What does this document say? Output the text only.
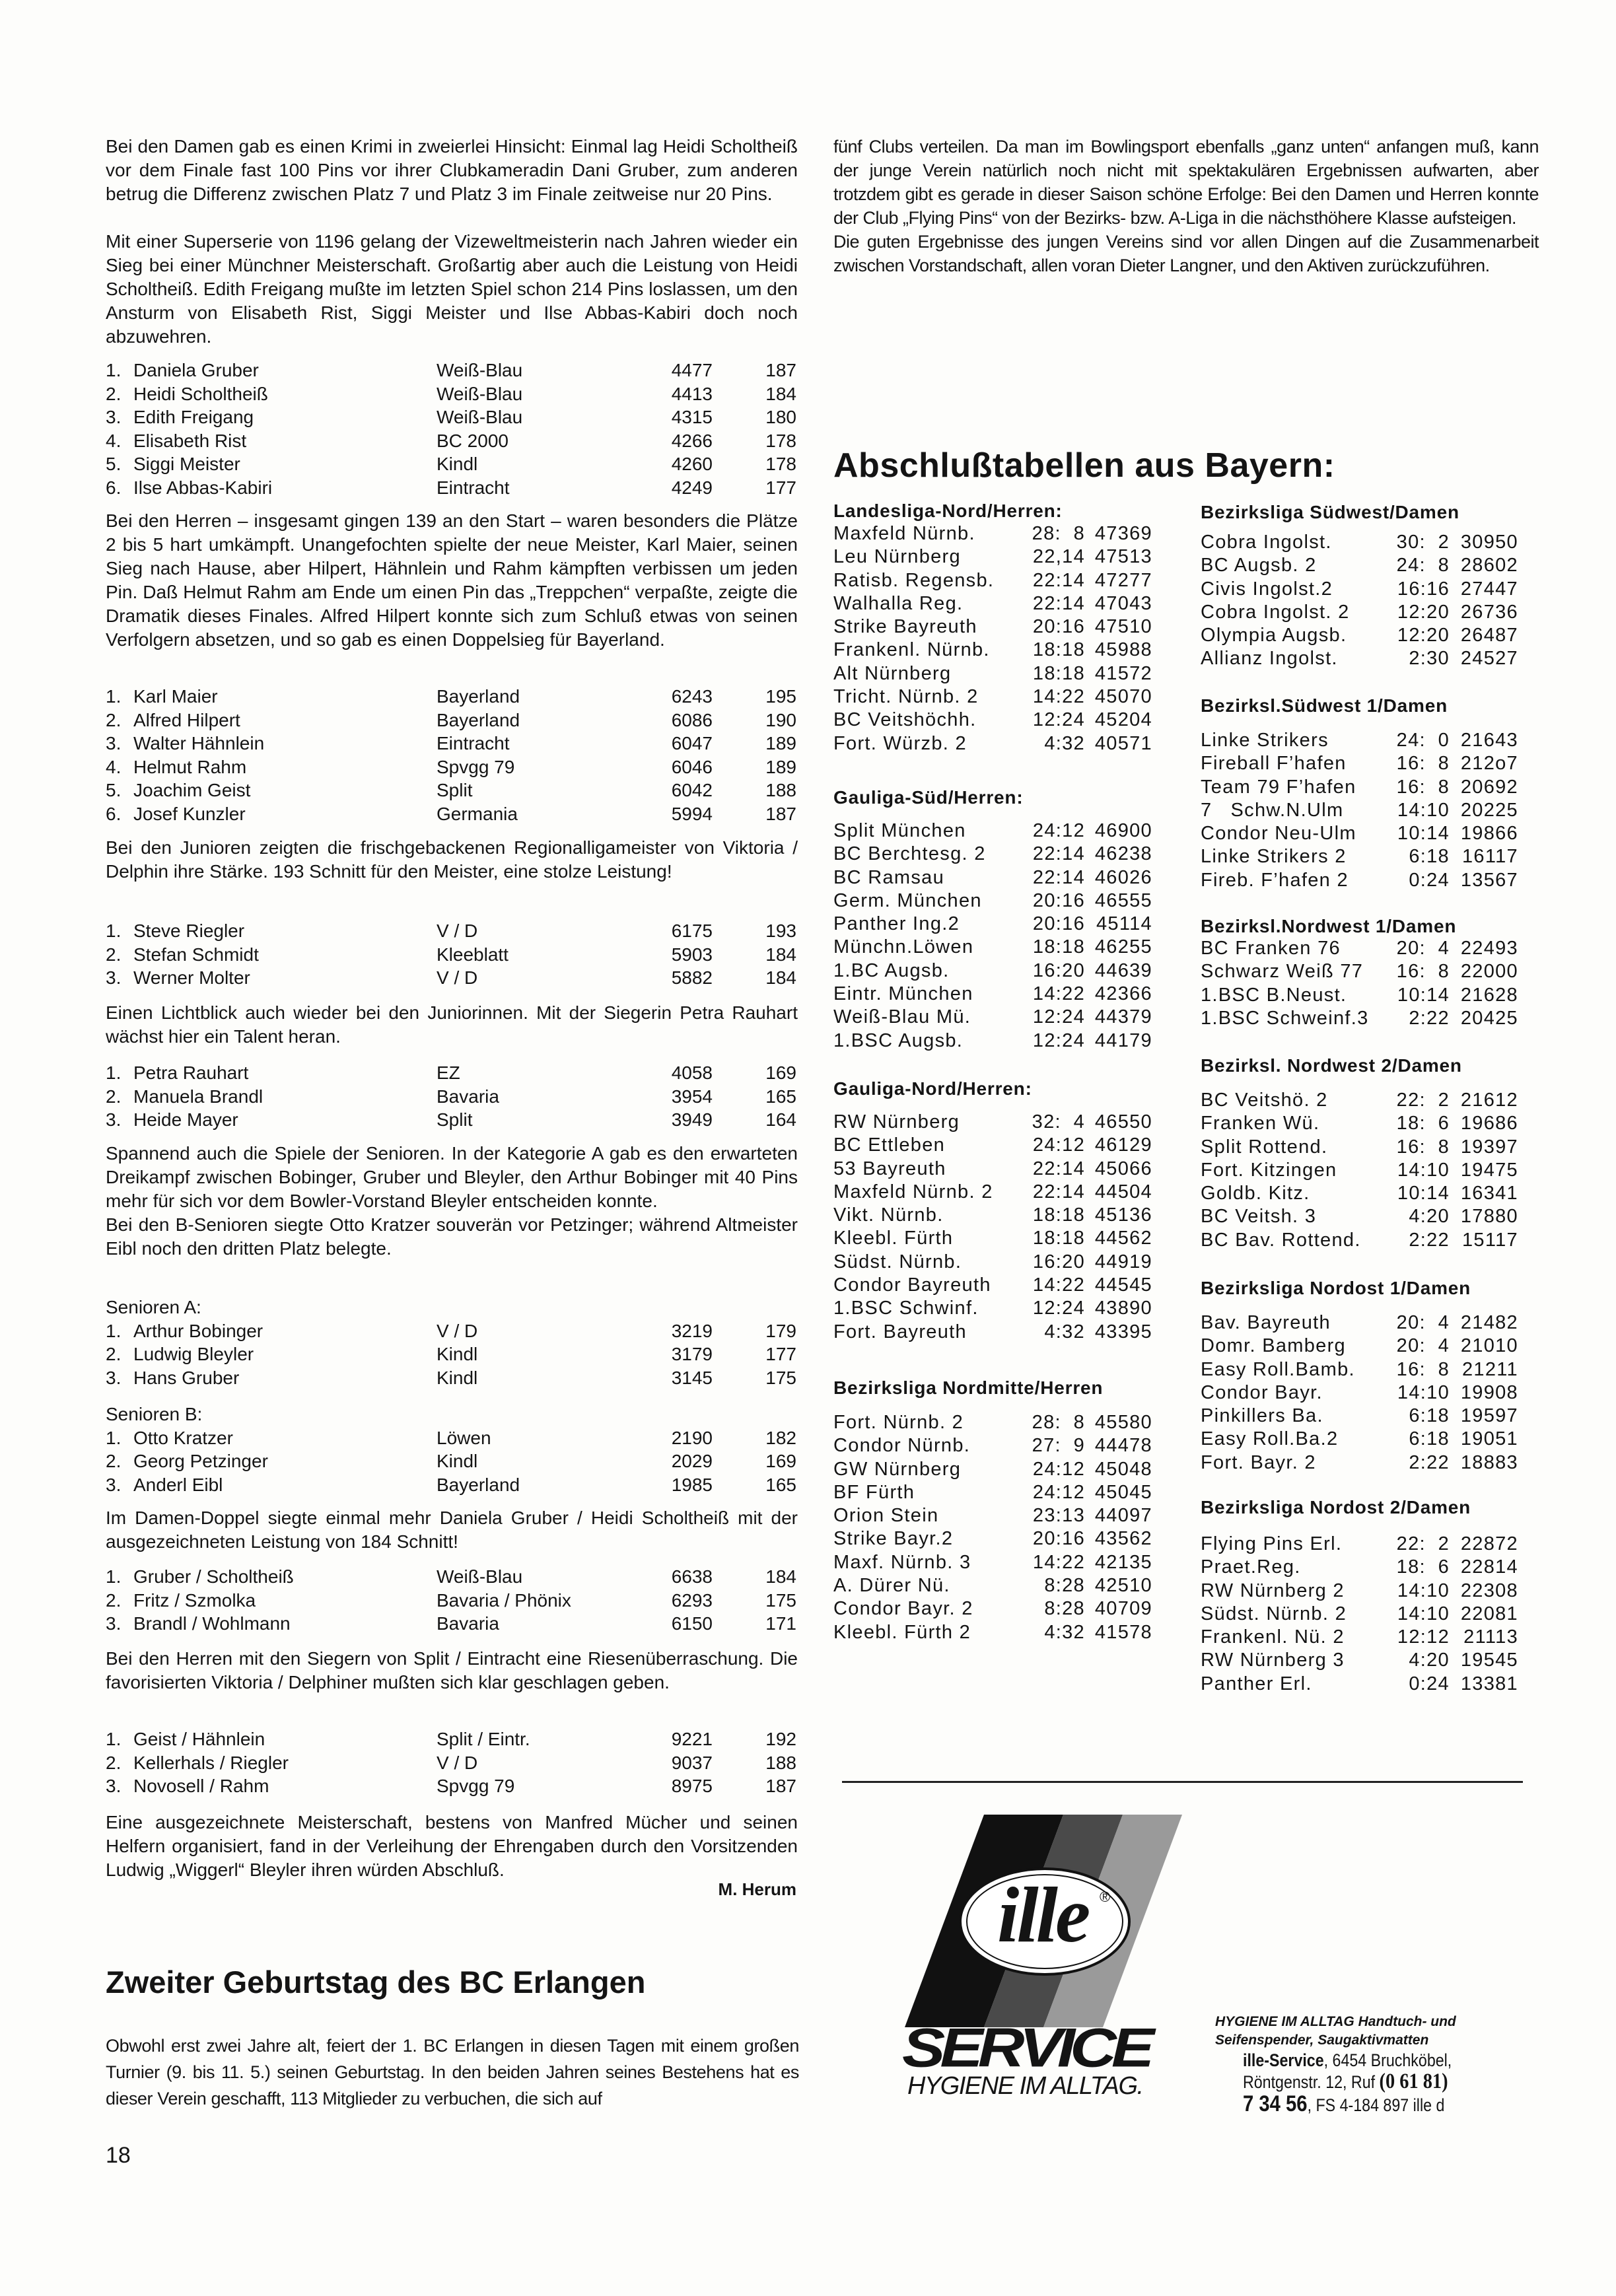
Bei den Damen gab es einen Krimi in zweierlei Hinsicht: Einmal lag Heidi Scholtheiß vor dem Finale fast 100 Pins vor ihrer Clubkameradin Dani Gruber, zum anderen betrug die Differenz zwischen Platz 7 und Platz 3 im Finale zeitweise nur 20 Pins.
Mit einer Superserie von 1196 gelang der Vizeweltmeisterin nach Jahren wieder ein Sieg bei einer Münchner Meisterschaft. Großartig aber auch die Leistung von Heidi Scholtheiß. Edith Freigang mußte im letzten Spiel schon 214 Pins loslassen, um den Ansturm von Elisabeth Rist, Siggi Meister und Ilse Abbas-Kabiri doch noch abzuwehren.
1. Daniela Gruber	Weiß-Blau	4477	187
2. Heidi Scholtheiß	Weiß-Blau	4413	184
3. Edith Freigang	Weiß-Blau	4315	180
4. Elisabeth Rist	BC 2000	4266	178
5. Siggi Meister	Kindl	4260	178
6. Ilse Abbas-Kabiri	Eintracht	4249	177
Bei den Herren – insgesamt gingen 139 an den Start – waren besonders die Plätze 2 bis 5 hart umkämpft. Unangefochten spielte der neue Meister, Karl Maier, seinen Sieg nach Hause, aber Hilpert, Hähnlein und Rahm kämpften verbissen um jeden Pin. Daß Helmut Rahm am Ende um einen Pin das „Treppchen“ verpaßte, zeigte die Dramatik dieses Finales. Alfred Hilpert konnte sich zum Schluß etwas von seinen Verfolgern absetzen, und so gab es einen Doppelsieg für Bayerland.
1. Karl Maier	Bayerland	6243	195
2. Alfred Hilpert	Bayerland	6086	190
3. Walter Hähnlein	Eintracht	6047	189
4. Helmut Rahm	Spvgg 79	6046	189
5. Joachim Geist	Split	6042	188
6. Josef Kunzler	Germania	5994	187
Bei den Junioren zeigten die frischgebackenen Regionalligameister von Viktoria / Delphin ihre Stärke. 193 Schnitt für den Meister, eine stolze Leistung!
1. Steve Riegler	V / D	6175	193
2. Stefan Schmidt	Kleeblatt	5903	184
3. Werner Molter	V / D	5882	184
Einen Lichtblick auch wieder bei den Juniorinnen. Mit der Siegerin Petra Rauhart wächst hier ein Talent heran.
1. Petra Rauhart	EZ	4058	169
2. Manuela Brandl	Bavaria	3954	165
3. Heide Mayer	Split	3949	164
Spannend auch die Spiele der Senioren. In der Kategorie A gab es den erwarteten Dreikampf zwischen Bobinger, Gruber und Bleyler, den Arthur Bobinger mit 40 Pins mehr für sich vor dem Bowler-Vorstand Bleyler entscheiden konnte.
Bei den B-Senioren siegte Otto Kratzer souverän vor Petzinger; während Altmeister Eibl noch den dritten Platz belegte.
Senioren A:
1. Arthur Bobinger	V / D	3219	179
2. Ludwig Bleyler	Kindl	3179	177
3. Hans Gruber	Kindl	3145	175
Senioren B:
1. Otto Kratzer	Löwen	2190	182
2. Georg Petzinger	Kindl	2029	169
3. Anderl Eibl	Bayerland	1985	165
Im Damen-Doppel siegte einmal mehr Daniela Gruber / Heidi Scholtheiß mit der ausgezeichneten Leistung von 184 Schnitt!
1. Gruber / Scholtheiß	Weiß-Blau	6638	184
2. Fritz / Szmolka	Bavaria / Phönix	6293	175
3. Brandl / Wohlmann	Bavaria	6150	171
Bei den Herren mit den Siegern von Split / Eintracht eine Riesenüberraschung. Die favorisierten Viktoria / Delphiner mußten sich klar geschlagen geben.
1. Geist / Hähnlein	Split / Eintr.	9221	192
2. Kellerhals / Riegler	V / D	9037	188
3. Novosell / Rahm	Spvgg 79	8975	187
Eine ausgezeichnete Meisterschaft, bestens von Manfred Mücher und seinen Helfern organisiert, fand in der Verleihung der Ehrengaben durch den Vorsitzenden Ludwig „Wiggerl“ Bleyler ihren würden Abschluß.
M. Herum
fünf Clubs verteilen. Da man im Bowlingsport ebenfalls „ganz unten“ anfangen muß, kann der junge Verein natürlich noch nicht mit spektakulären Ergebnissen aufwarten, aber trotzdem gibt es gerade in dieser Saison schöne Erfolge: Bei den Damen und Herren konnte der Club „Flying Pins“ von der Bezirks- bzw. A-Liga in die nächsthöhere Klasse aufsteigen.
Die guten Ergebnisse des jungen Vereins sind vor allen Dingen auf die Zusammenarbeit zwischen Vorstandschaft, allen voran Dieter Langner, und den Aktiven zurückzuführen.
Abschlußtabellen aus Bayern:
Landesliga-Nord/Herren:
Maxfeld Nürnb.	28:  8 47369
Leu Nürnberg	22,14 47513
Ratisb. Regensb. 22:14 47277
Walhalla Reg.	22:14 47043
Strike Bayreuth	20:16 47510
Frankenl. Nürnb. 18:18 45988
Alt Nürnberg	18:18 41572
Tricht. Nürnb. 2	14:22 45070
BC Veitshöchh.	12:24 45204
Fort. Würzb. 2	4:32 40571
Gauliga-Süd/Herren:
Split München	24:12 46900
BC Berchtesg. 2 22:14 46238
BC Ramsau	22:14 46026
Germ. München	20:16 46555
Panther Ing.2	20:16 45114
Münchn.Löwen	18:18 46255
1.BC Augsb.	16:20 44639
Eintr. München	14:22 42366
Weiß-Blau Mü.	12:24 44379
1.BSC Augsb.	12:24 44179
Gauliga-Nord/Herren:
RW Nürnberg	32:  4 46550
BC Ettleben	24:12 46129
53 Bayreuth	22:14 45066
Maxfeld Nürnb. 2 22:14 44504
Vikt. Nürnb.	18:18 45136
Kleebl. Fürth	18:18 44562
Südst. Nürnb.	16:20 44919
Condor Bayreuth 14:22 44545
1.BSC Schwinf.	12:24 43890
Fort. Bayreuth	4:32 43395
Bezirksliga Nordmitte/Herren
Fort. Nürnb. 2	28:  8 45580
Condor Nürnb.	27:  9 44478
GW Nürnberg	24:12 45048
BF Fürth	24:12 45045
Orion Stein	23:13 44097
Strike Bayr.2	20:16 43562
Maxf. Nürnb. 3	14:22 42135
A. Dürer Nü.	8:28 42510
Condor Bayr. 2	8:28 40709
Kleebl. Fürth 2	4:32 41578
Bezirksliga Südwest/Damen
Cobra Ingolst.	30:  2 30950
BC Augsb. 2	24:  8 28602
Civis Ingolst.2	16:16 27447
Cobra Ingolst. 2 12:20 26736
Olympia Augsb.	12:20 26487
Allianz Ingolst.	2:30 24527
Bezirksl.Südwest 1/Damen
Linke Strikers	24:  0 21643
Fireball F’hafen	16:  8 212o7
Team 79 F’hafen 16:  8 20692
7   Schw.N.Ulm	14:10 20225
Condor Neu-Ulm 10:14 19866
Linke Strikers 2	6:18 16117
Fireb. F’hafen 2	0:24 13567
Bezirksl.Nordwest 1/Damen
BC Franken 76	20:  4 22493
Schwarz Weiß 77 16:  8 22000
1.BSC B.Neust.	10:14 21628
1.BSC Schweinf.3 2:22 20425
Bezirksl. Nordwest 2/Damen
BC Veitshö. 2	22:  2 21612
Franken Wü.	18:  6 19686
Split Rottend.	16:  8 19397
Fort. Kitzingen	14:10 19475
Goldb. Kitz.	10:14 16341
BC Veitsh. 3	4:20 17880
BC Bav. Rottend.	2:22 15117
Bezirksliga Nordost 1/Damen
Bav. Bayreuth	20:  4 21482
Domr. Bamberg	20:  4 21010
Easy Roll.Bamb. 16:  8 21211
Condor Bayr.	14:10 19908
Pinkillers Ba.	6:18 19597
Easy Roll.Ba.2	6:18 19051
Fort. Bayr. 2	2:22 18883
Bezirksliga Nordost 2/Damen
Flying Pins Erl.	22:  2 22872
Praet.Reg.	18:  6 22814
RW Nürnberg 2	14:10 22308
Südst. Nürnb. 2	14:10 22081
Frankenl. Nü. 2	12:12 21113
RW Nürnberg 3	4:20 19545
Panther Erl.	0:24 13381
Zweiter Geburtstag des BC Erlangen
Obwohl erst zwei Jahre alt, feiert der 1. BC Erlangen in diesen Tagen mit einem großen Turnier (9. bis 11. 5.) seinen Geburtstag. In den beiden Jahren seines Bestehens hat es dieser Verein geschafft, 113 Mitglieder zu verbuchen, die sich auf
18
ille ®
SERVICE
HYGIENE IM ALLTAG.
HYGIENE IM ALLTAG Handtuch- und
Seifenspender, Saugaktivmatten
ille-Service, 6454 Bruchköbel,
Röntgenstr. 12, Ruf (0 61 81)
7 34 56, FS 4-184 897 ille d
